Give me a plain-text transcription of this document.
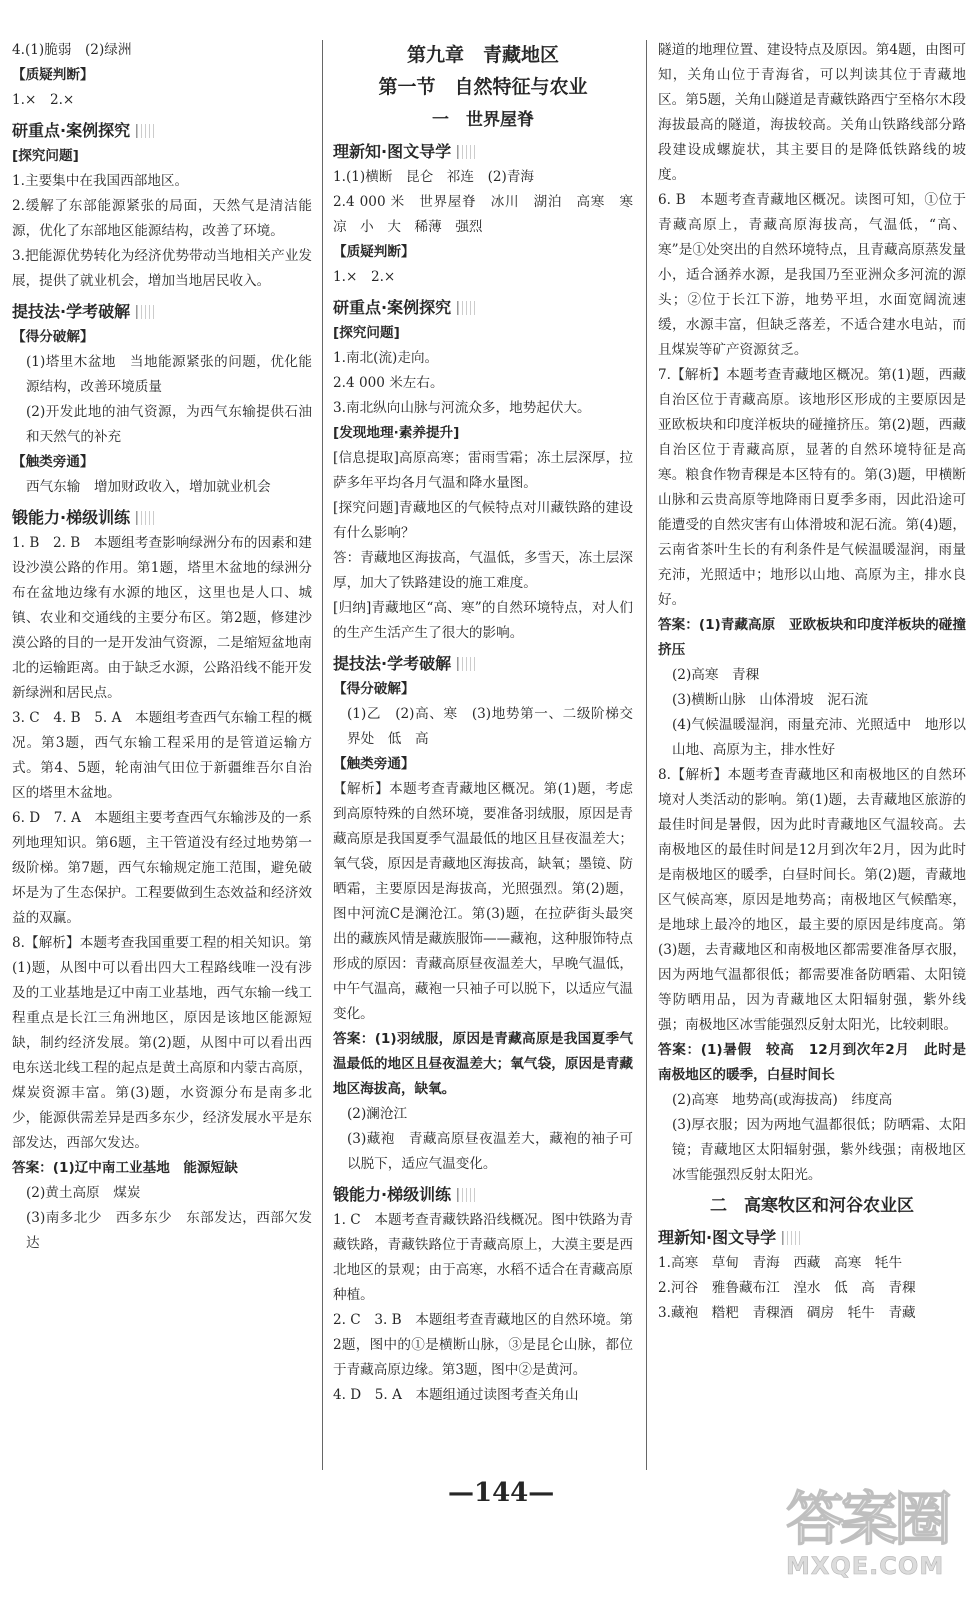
4.(1)脆弱　(2)绿洲
【质疑判断】
1.×　2.×
研重点·案例探究
[探究问题]
1.主要集中在我国西部地区。
2.缓解了东部能源紧张的局面，天然气是清洁能源，优化了东部地区能源结构，改善了环境。
3.把能源优势转化为经济优势带动当地相关产业发展，提供了就业机会，增加当地居民收入。
提技法·学考破解
【得分破解】
(1)塔里木盆地　当地能源紧张的问题，优化能源结构，改善环境质量
(2)开发此地的油气资源，为西气东输提供石油和天然气的补充
【触类旁通】
西气东输　增加财政收入，增加就业机会
锻能力·梯级训练
1. B　2. B　本题组考查影响绿洲分布的因素和建设沙漠公路的作用。第1题，塔里木盆地的绿洲分布在盆地边缘有水源的地区，这里也是人口、城镇、农业和交通线的主要分布区。第2题，修建沙漠公路的目的一是开发油气资源，二是缩短盆地南北的运输距离。由于缺乏水源，公路沿线不能开发新绿洲和居民点。
3. C　4. B　5. A　本题组考查西气东输工程的概况。第3题，西气东输工程采用的是管道运输方式。第4、5题，轮南油气田位于新疆维吾尔自治区的塔里木盆地。
6. D　7. A　本题组主要考查西气东输涉及的一系列地理知识。第6题，主干管道没有经过地势第一级阶梯。第7题，西气东输规定施工范围，避免破坏是为了生态保护。工程要做到生态效益和经济效益的双赢。
8.【解析】本题考查我国重要工程的相关知识。第(1)题，从图中可以看出四大工程路线唯一没有涉及的工业基地是辽中南工业基地，西气东输一线工程重点是长江三角洲地区，原因是该地区能源短缺，制约经济发展。第(2)题，从图中可以看出西电东送北线工程的起点是黄土高原和内蒙古高原，煤炭资源丰富。第(3)题，水资源分布是南多北少，能源供需差异是西多东少，经济发展水平是东部发达，西部欠发达。
答案：(1)辽中南工业基地　能源短缺
(2)黄土高原　煤炭
(3)南多北少　西多东少　东部发达，西部欠发达
第九章　青藏地区
第一节　自然特征与农业
一　世界屋脊
理新知·图文导学
1.(1)横断　昆仑　祁连　(2)青海
2.4 000 米　世界屋脊　冰川　湖泊　高寒　寒　凉　小　大　稀薄　强烈
【质疑判断】
1.×　2.×
研重点·案例探究
[探究问题]
1.南北(流)走向。
2.4 000 米左右。
3.南北纵向山脉与河流众多，地势起伏大。
[发现地理·素养提升]
[信息提取]高原高寒；雷雨雪霜；冻土层深厚，拉萨多年平均各月气温和降水量图。
[探究问题]青藏地区的气候特点对川藏铁路的建设有什么影响？
答：青藏地区海拔高，气温低，多雪天，冻土层深厚，加大了铁路建设的施工难度。
[归纳]青藏地区“高、寒”的自然环境特点，对人们的生产生活产生了很大的影响。
提技法·学考破解
【得分破解】
(1)乙　(2)高、寒　(3)地势第一、二级阶梯交界处　低　高
【触类旁通】
【解析】本题考查青藏地区概况。第(1)题，考虑到高原特殊的自然环境，要准备羽绒服，原因是青藏高原是我国夏季气温最低的地区且昼夜温差大；氧气袋，原因是青藏地区海拔高，缺氧；墨镜、防晒霜，主要原因是海拔高，光照强烈。第(2)题，图中河流C是澜沧江。第(3)题，在拉萨街头最突出的藏族风情是藏族服饰——藏袍，这种服饰特点形成的原因：青藏高原昼夜温差大，早晚气温低，中午气温高，藏袍一只袖子可以脱下，以适应气温变化。
答案：(1)羽绒服，原因是青藏高原是我国夏季气温最低的地区且昼夜温差大；氧气袋，原因是青藏地区海拔高，缺氧。
(2)澜沧江
(3)藏袍　青藏高原昼夜温差大，藏袍的袖子可以脱下，适应气温变化。
锻能力·梯级训练
1. C　本题考查青藏铁路沿线概况。图中铁路为青藏铁路，青藏铁路位于青藏高原上，大漠主要是西北地区的景观；由于高寒，水稻不适合在青藏高原种植。
2. C　3. B　本题组考查青藏地区的自然环境。第2题，图中的①是横断山脉，③是昆仑山脉，都位于青藏高原边缘。第3题，图中②是黄河。
4. D　5. A　本题组通过读图考查关角山
隧道的地理位置、建设特点及原因。第4题，由图可知，关角山位于青海省，可以判读其位于青藏地区。第5题，关角山隧道是青藏铁路西宁至格尔木段海拔最高的隧道，海拔较高。关角山铁路线部分路段建设成螺旋状，其主要目的是降低铁路线的坡度。
6. B　本题考查青藏地区概况。读图可知，①位于青藏高原上，青藏高原海拔高，气温低，“高、寒”是①处突出的自然环境特点，且青藏高原蒸发量小，适合涵养水源，是我国乃至亚洲众多河流的源头；②位于长江下游，地势平坦，水面宽阔流速缓，水源丰富，但缺乏落差，不适合建水电站，而且煤炭等矿产资源贫乏。
7.【解析】本题考查青藏地区概况。第(1)题，西藏自治区位于青藏高原。该地形区形成的主要原因是亚欧板块和印度洋板块的碰撞挤压。第(2)题，西藏自治区位于青藏高原，显著的自然环境特征是高寒。粮食作物青稞是本区特有的。第(3)题，甲横断山脉和云贵高原等地降雨日夏季多雨，因此沿途可能遭受的自然灾害有山体滑坡和泥石流。第(4)题，云南省茶叶生长的有利条件是气候温暖湿润，雨量充沛，光照适中；地形以山地、高原为主，排水良好。
答案：(1)青藏高原　亚欧板块和印度洋板块的碰撞挤压
(2)高寒　青稞
(3)横断山脉　山体滑坡　泥石流
(4)气候温暖湿润，雨量充沛、光照适中　地形以山地、高原为主，排水性好
8.【解析】本题考查青藏地区和南极地区的自然环境对人类活动的影响。第(1)题，去青藏地区旅游的最佳时间是暑假，因为此时青藏地区气温较高。去南极地区的最佳时间是12月到次年2月，因为此时是南极地区的暖季，白昼时间长。第(2)题，青藏地区气候高寒，原因是地势高；南极地区气候酷寒，是地球上最冷的地区，最主要的原因是纬度高。第(3)题，去青藏地区和南极地区都需要准备厚衣服，因为两地气温都很低；都需要准备防晒霜、太阳镜等防晒用品，因为青藏地区太阳辐射强，紫外线强；南极地区冰雪能强烈反射太阳光，比较刺眼。
答案：(1)暑假　较高　12月到次年2月　此时是南极地区的暖季，白昼时间长
(2)高寒　地势高(或海拔高)　纬度高
(3)厚衣服；因为两地气温都很低；防晒霜、太阳镜；青藏地区太阳辐射强，紫外线强；南极地区冰雪能强烈反射太阳光。
二　高寒牧区和河谷农业区
理新知·图文导学
1.高寒　草甸　青海　西藏　高寒　牦牛
2.河谷　雅鲁藏布江　湟水　低　高　青稞
3.藏袍　糌粑　青稞酒　碉房　牦牛　青藏
—144—	答案圈
MXQE.COM
